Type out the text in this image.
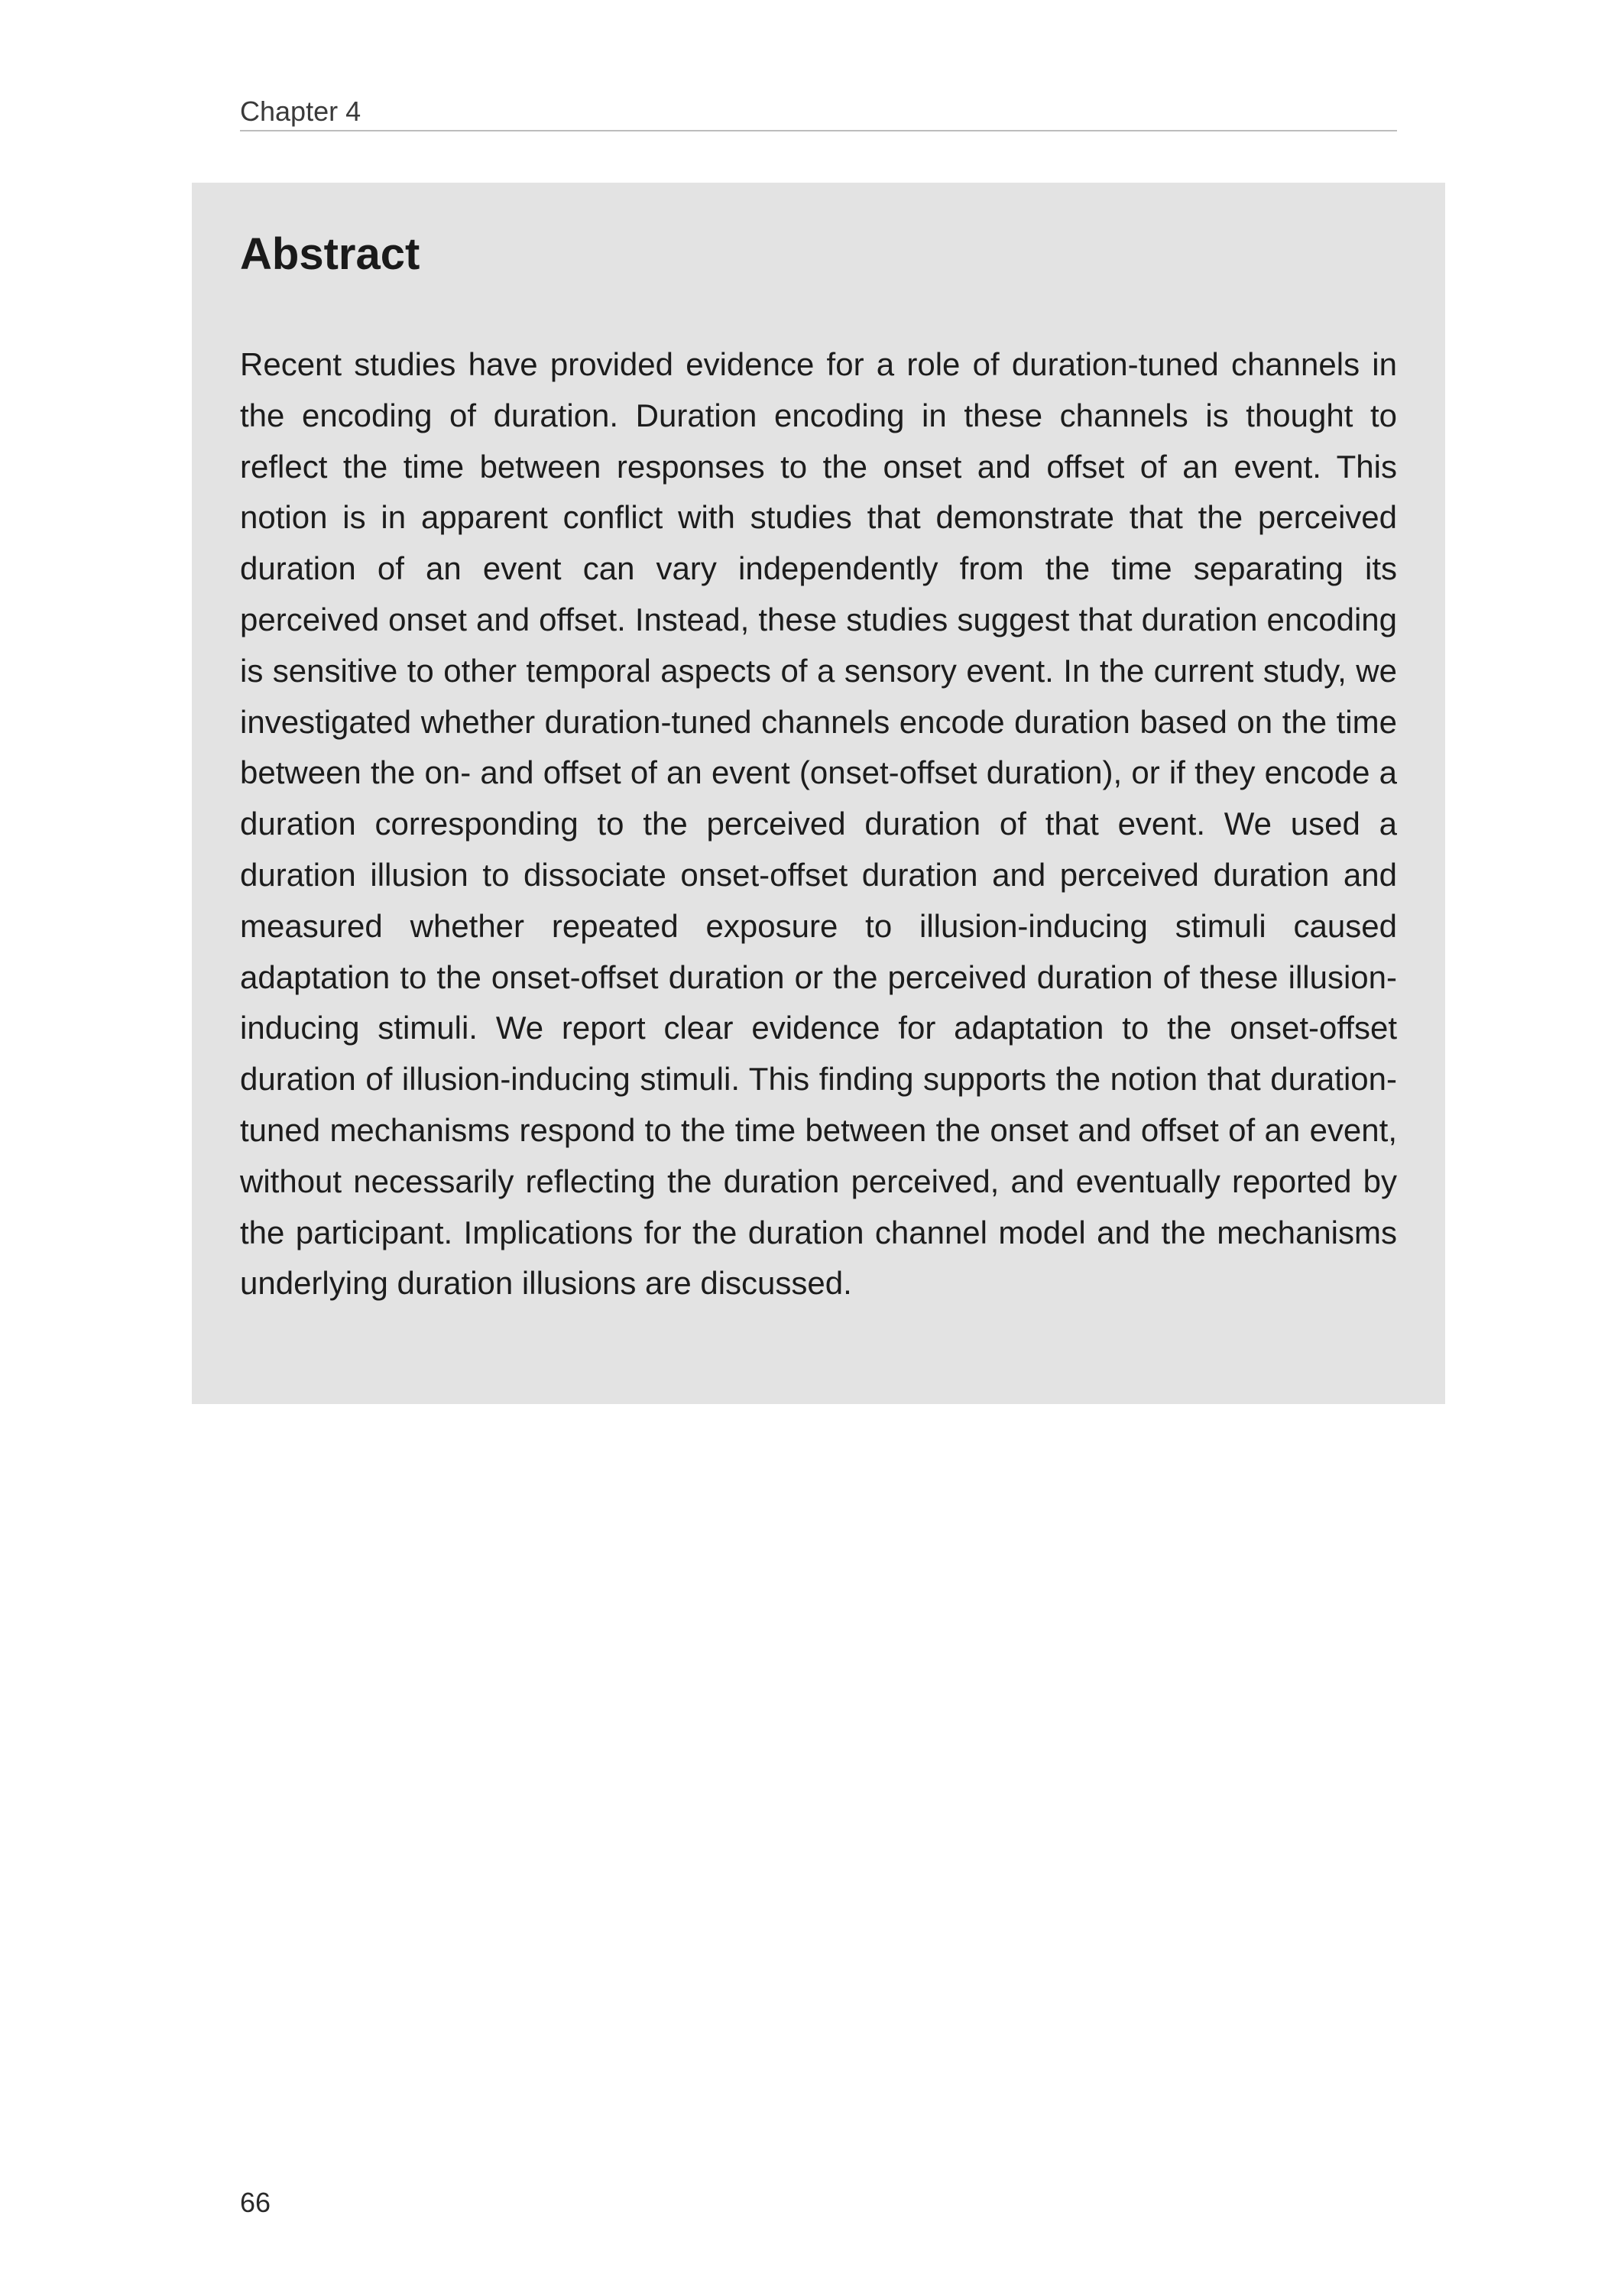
Chapter 4
Abstract

Recent studies have provided evidence for a role of duration-tuned channels in the encoding of duration. Duration encoding in these channels is thought to reflect the time between responses to the onset and offset of an event. This notion is in apparent conflict with studies that demonstrate that the perceived duration of an event can vary independently from the time separating its perceived onset and offset. Instead, these studies suggest that duration encoding is sensitive to other temporal aspects of a sensory event. In the current study, we investigated whether duration-tuned channels encode duration based on the time between the on- and offset of an event (onset-offset duration), or if they encode a duration corresponding to the perceived duration of that event. We used a duration illusion to dissociate onset-offset duration and perceived duration and measured whether repeated exposure to illusion-inducing stimuli caused adaptation to the onset-offset duration or the perceived duration of these illusion-inducing stimuli. We report clear evidence for adaptation to the onset-offset duration of illusion-inducing stimuli. This finding supports the notion that duration-tuned mechanisms respond to the time between the onset and offset of an event, without necessarily reflecting the duration perceived, and eventually reported by the participant. Implications for the duration channel model and the mechanisms underlying duration illusions are discussed.

66
